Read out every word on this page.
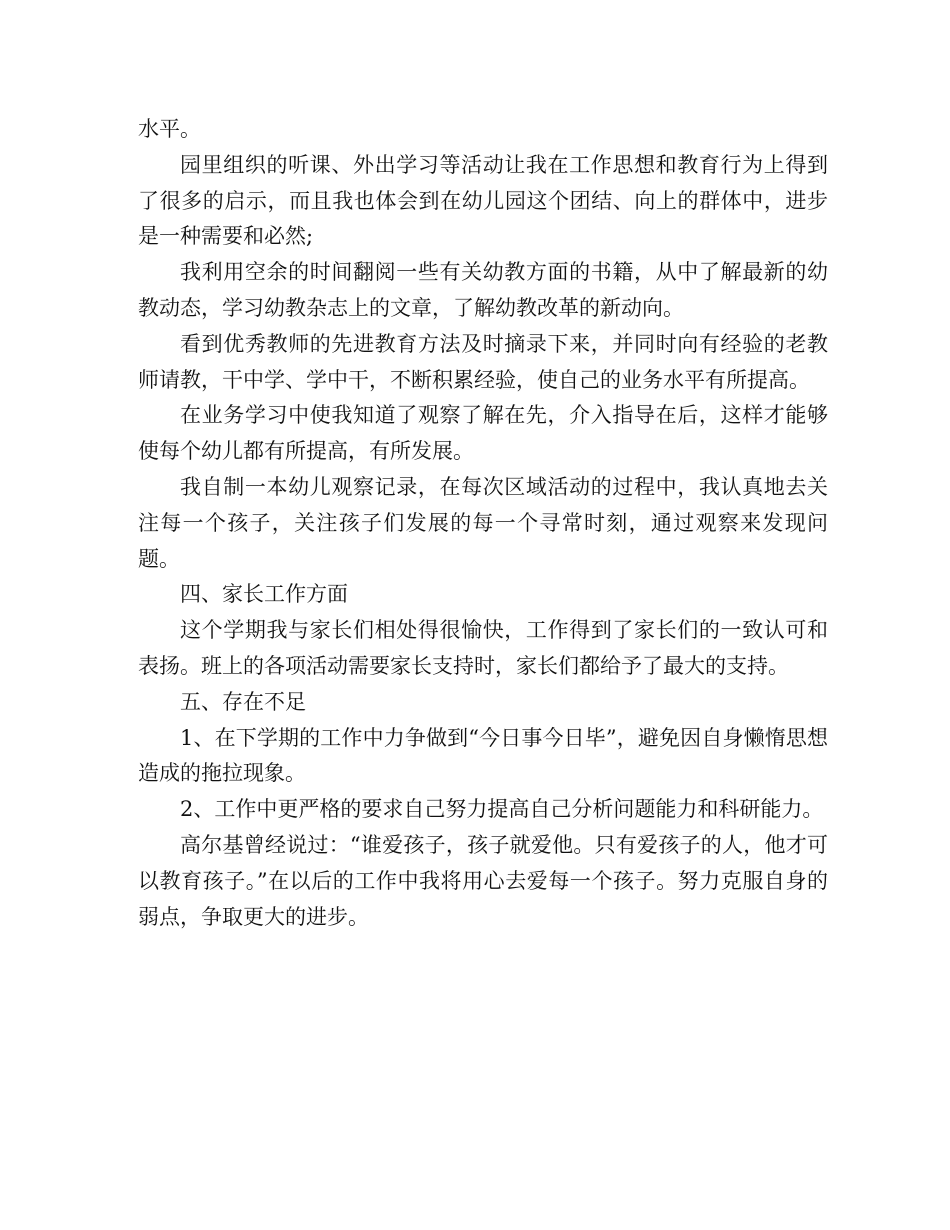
水平。

园里组织的听课、外出学习等活动让我在工作思想和教育行为上得到了很多的启示，而且我也体会到在幼儿园这个团结、向上的群体中，进步是一种需要和必然;

我利用空余的时间翻阅一些有关幼教方面的书籍，从中了解最新的幼教动态，学习幼教杂志上的文章，了解幼教改革的新动向。

看到优秀教师的先进教育方法及时摘录下来，并同时向有经验的老教师请教，干中学、学中干，不断积累经验，使自己的业务水平有所提高。

在业务学习中使我知道了观察了解在先，介入指导在后，这样才能够使每个幼儿都有所提高，有所发展。

我自制一本幼儿观察记录，在每次区域活动的过程中，我认真地去关注每一个孩子，关注孩子们发展的每一个寻常时刻，通过观察来发现问题。

四、家长工作方面

这个学期我与家长们相处得很愉快，工作得到了家长们的一致认可和表扬。班上的各项活动需要家长支持时，家长们都给予了最大的支持。

五、存在不足

1、在下学期的工作中力争做到“今日事今日毕”，避免因自身懒惰思想造成的拖拉现象。

2、工作中更严格的要求自己努力提高自己分析问题能力和科研能力。

高尔基曾经说过：“谁爱孩子，孩子就爱他。只有爱孩子的人，他才可以教育孩子。”在以后的工作中我将用心去爱每一个孩子。努力克服自身的弱点，争取更大的进步。
